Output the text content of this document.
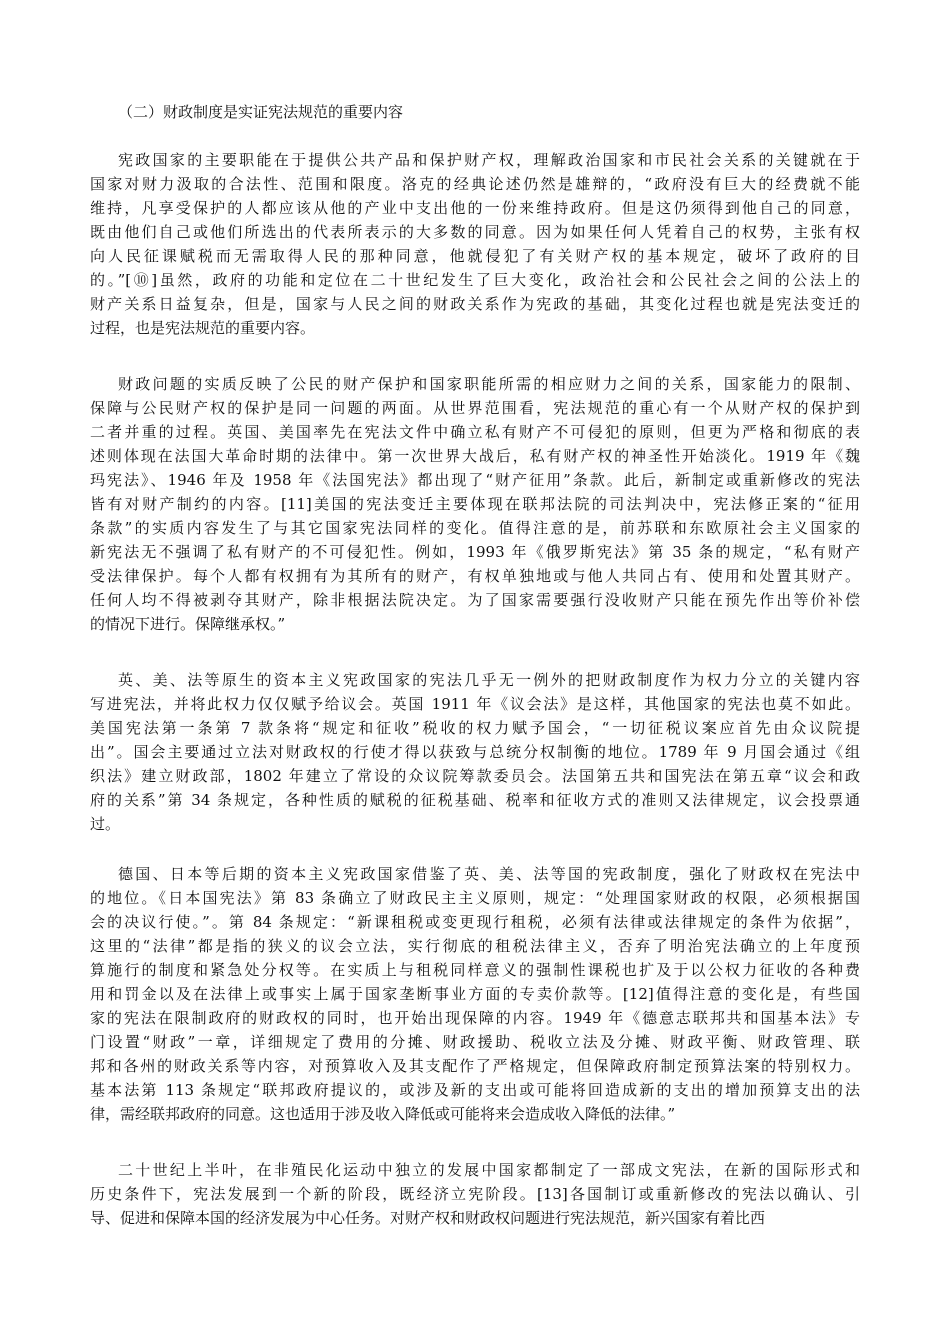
（二）财政制度是实证宪法规范的重要内容
宪政国家的主要职能在于提供公共产品和保护财产权，理解政治国家和市民社会关系的关键就在于
国家对财力汲取的合法性、范围和限度。洛克的经典论述仍然是雄辩的，“政府没有巨大的经费就不能
维持，凡享受保护的人都应该从他的产业中支出他的一份来维持政府。但是这仍须得到他自己的同意，
既由他们自己或他们所选出的代表所表示的大多数的同意。因为如果任何人凭着自己的权势，主张有权
向人民征课赋税而无需取得人民的那种同意，他就侵犯了有关财产权的基本规定，破坏了政府的目
的。”[⑩]虽然，政府的功能和定位在二十世纪发生了巨大变化，政治社会和公民社会之间的公法上的
财产关系日益复杂，但是，国家与人民之间的财政关系作为宪政的基础，其变化过程也就是宪法变迁的
过程，也是宪法规范的重要内容。
财政问题的实质反映了公民的财产保护和国家职能所需的相应财力之间的关系，国家能力的限制、
保障与公民财产权的保护是同一问题的两面。从世界范围看，宪法规范的重心有一个从财产权的保护到
二者并重的过程。英国、美国率先在宪法文件中确立私有财产不可侵犯的原则，但更为严格和彻底的表
述则体现在法国大革命时期的法律中。第一次世界大战后，私有财产权的神圣性开始淡化。1919 年《魏
玛宪法》、1946 年及 1958 年《法国宪法》都出现了“财产征用”条款。此后，新制定或重新修改的宪法
皆有对财产制约的内容。[11]美国的宪法变迁主要体现在联邦法院的司法判决中，宪法修正案的“征用
条款”的实质内容发生了与其它国家宪法同样的变化。值得注意的是，前苏联和东欧原社会主义国家的
新宪法无不强调了私有财产的不可侵犯性。例如，1993 年《俄罗斯宪法》第 35 条的规定，“私有财产
受法律保护。每个人都有权拥有为其所有的财产，有权单独地或与他人共同占有、使用和处置其财产。
任何人均不得被剥夺其财产，除非根据法院决定。为了国家需要强行没收财产只能在预先作出等价补偿
的情况下进行。保障继承权。”
英、美、法等原生的资本主义宪政国家的宪法几乎无一例外的把财政制度作为权力分立的关键内容
写进宪法，并将此权力仅仅赋予给议会。英国 1911 年《议会法》是这样，其他国家的宪法也莫不如此。
美国宪法第一条第 7 款条将“规定和征收”税收的权力赋予国会，“一切征税议案应首先由众议院提
出”。国会主要通过立法对财政权的行使才得以获致与总统分权制衡的地位。1789 年 9 月国会通过《组
织法》建立财政部，1802 年建立了常设的众议院筹款委员会。法国第五共和国宪法在第五章“议会和政
府的关系”第 34 条规定，各种性质的赋税的征税基础、税率和征收方式的准则又法律规定，议会投票通
过。
德国、日本等后期的资本主义宪政国家借鉴了英、美、法等国的宪政制度，强化了财政权在宪法中
的地位。《日本国宪法》第 83 条确立了财政民主主义原则，规定：“处理国家财政的权限，必须根据国
会的决议行使。”。第 84 条规定：“新课租税或变更现行租税，必须有法律或法律规定的条件为依据”，
这里的“法律”都是指的狭义的议会立法，实行彻底的租税法律主义，否弃了明治宪法确立的上年度预
算施行的制度和紧急处分权等。在实质上与租税同样意义的强制性课税也扩及于以公权力征收的各种费
用和罚金以及在法律上或事实上属于国家垄断事业方面的专卖价款等。[12]值得注意的变化是，有些国
家的宪法在限制政府的财政权的同时，也开始出现保障的内容。1949 年《德意志联邦共和国基本法》专
门设置“财政”一章，详细规定了费用的分摊、财政援助、税收立法及分摊、财政平衡、财政管理、联
邦和各州的财政关系等内容，对预算收入及其支配作了严格规定，但保障政府制定预算法案的特别权力。
基本法第 113 条规定“联邦政府提议的，或涉及新的支出或可能将回造成新的支出的增加预算支出的法
律，需经联邦政府的同意。这也适用于涉及收入降低或可能将来会造成收入降低的法律。”
二十世纪上半叶，在非殖民化运动中独立的发展中国家都制定了一部成文宪法，在新的国际形式和
历史条件下，宪法发展到一个新的阶段，既经济立宪阶段。[13]各国制订或重新修改的宪法以确认、引
导、促进和保障本国的经济发展为中心任务。对财产权和财政权问题进行宪法规范，新兴国家有着比西
